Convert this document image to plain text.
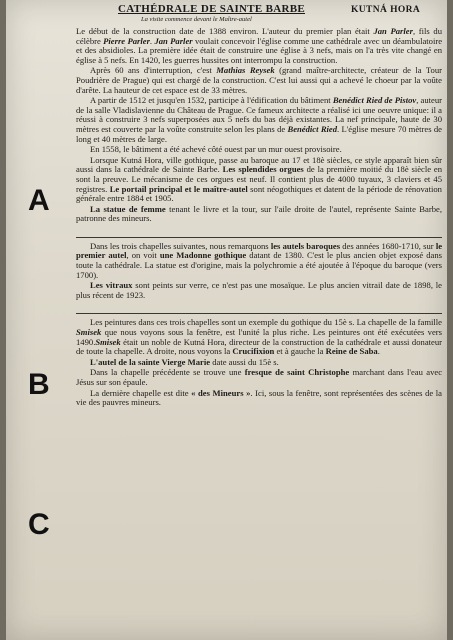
CATHÉDRALE DE SAINTE BARBE	KUTNÁ HORA
La visite commence devant le Maître-autel
A
B
C

Le début de la construction date de 1388 environ. L'auteur du premier plan était Jan Parler, fils du célèbre Pierre Parler. Jan Parler voulait concevoir l'église comme une cathédrale avec un déambulatoire et des absidioles. La première idée était de construire une église à 3 nefs, mais on l'a très vite changé en église à 5 nefs. En 1420, les guerres hussites ont interrompu la construction.

Après 60 ans d'interruption, c'est Mathias Reysek (grand maître-architecte, créateur de la Tour Poudrière de Prague) qui est chargé de la construction. C'est lui aussi qui a achevé le choeur par la voûte d'arête. La hauteur de cet espace est de 33 mètres.

A partir de 1512 et jusqu'en 1532, participe à l'édification du bâtiment Benédict Ried de Pistov, auteur de la salle Vladislavienne du Château de Prague. Ce fameux architecte a réalisé ici une oeuvre unique: il a réussi à construire 3 nefs superposées aux 5 nefs du bas déjà existantes. La nef principale, haute de 30 mètres est couverte par la voûte construite selon les plans de Benédict Ried. L'église mesure 70 mètres de long et 40 mètres de large.

En 1558, le bâtiment a été achevé côté ouest par un mur ouest provisoire.

Lorsque Kutná Hora, ville gothique, passe au baroque au 17 et 18è siècles, ce style apparaît bien sûr aussi dans la cathédrale de Sainte Barbe. Les splendides orgues de la première moitié du 18è siècle en sont la preuve. Le mécanisme de ces orgues est neuf. Il contient plus de 4000 tuyaux, 3 claviers et 45 registres. Le portail principal et le maître-autel sont néogothiques et datent de la période de rénovation générale entre 1884 et 1905.

La statue de femme tenant le livre et la tour, sur l'aile droite de l'autel, représente Sainte Barbe, patronne des mineurs.

Dans les trois chapelles suivantes, nous remarquons les autels baroques des années 1680-1710, sur le premier autel, on voit une Madonne gothique datant de 1380. C'est le plus ancien objet exposé dans toute la cathédrale. La statue est d'origine, mais la polychromie a été ajoutée à l'époque du baroque (vers 1700).

Les vitraux sont peints sur verre, ce n'est pas une mosaïque. Le plus ancien vitrail date de 1898, le plus récent de 1923.

Les peintures dans ces trois chapelles sont un exemple du gothique du 15è s. La chapelle de la famille Smisek que nous voyons sous la fenêtre, est l'unité la plus riche. Les peintures ont été exécutées vers 1490.Smisek était un noble de Kutná Hora, directeur de la construction de la cathédrale et aussi donateur de toute la chapelle. A droite, nous voyons la Crucifixion et à gauche la Reine de Saba.

L'autel de la sainte Vierge Marie date aussi du 15è s.

Dans la chapelle précédente se trouve une fresque de saint Christophe marchant dans l'eau avec Jésus sur son épaule.

La dernière chapelle est dite « des Mineurs ». Ici, sous la fenêtre, sont représentées des scènes de la vie des pauvres mineurs.
